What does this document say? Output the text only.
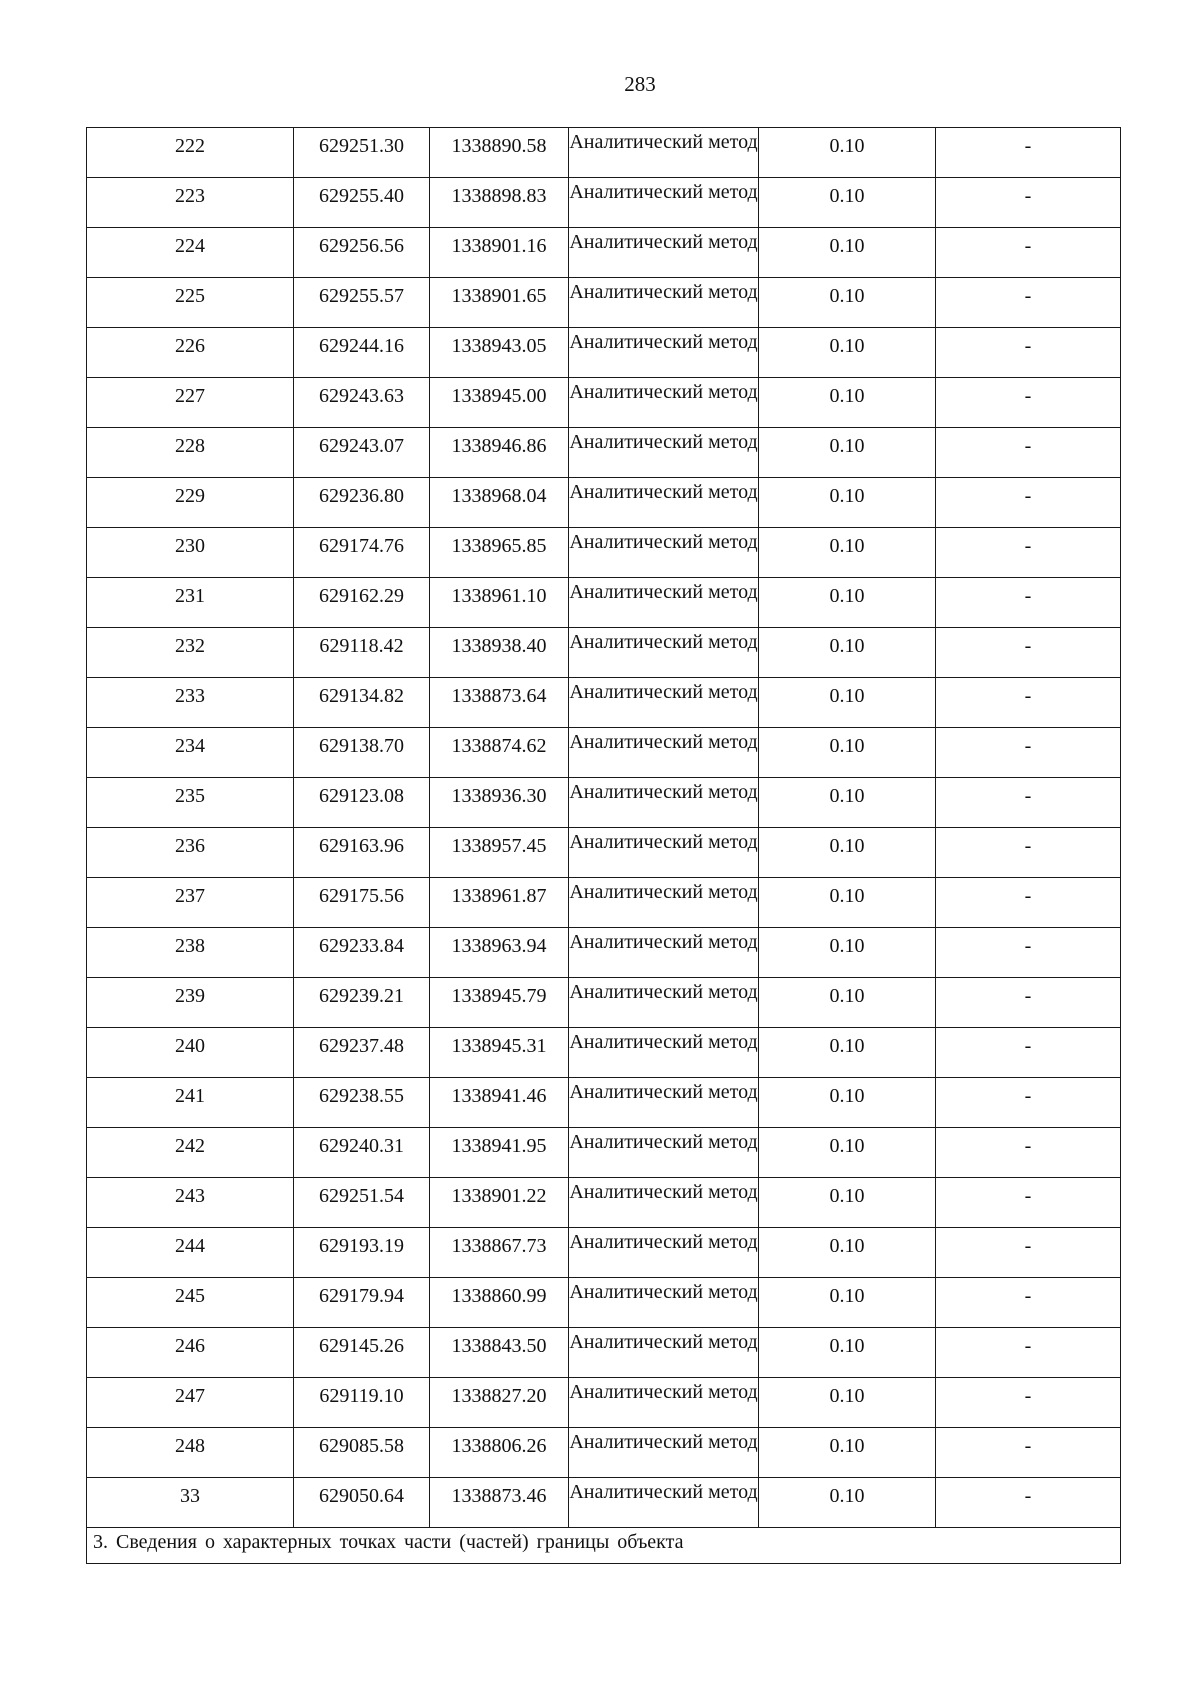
283
222	629251.30	1338890.58	Аналитический метод	0.10	-
223	629255.40	1338898.83	Аналитический метод	0.10	-
224	629256.56	1338901.16	Аналитический метод	0.10	-
225	629255.57	1338901.65	Аналитический метод	0.10	-
226	629244.16	1338943.05	Аналитический метод	0.10	-
227	629243.63	1338945.00	Аналитический метод	0.10	-
228	629243.07	1338946.86	Аналитический метод	0.10	-
229	629236.80	1338968.04	Аналитический метод	0.10	-
230	629174.76	1338965.85	Аналитический метод	0.10	-
231	629162.29	1338961.10	Аналитический метод	0.10	-
232	629118.42	1338938.40	Аналитический метод	0.10	-
233	629134.82	1338873.64	Аналитический метод	0.10	-
234	629138.70	1338874.62	Аналитический метод	0.10	-
235	629123.08	1338936.30	Аналитический метод	0.10	-
236	629163.96	1338957.45	Аналитический метод	0.10	-
237	629175.56	1338961.87	Аналитический метод	0.10	-
238	629233.84	1338963.94	Аналитический метод	0.10	-
239	629239.21	1338945.79	Аналитический метод	0.10	-
240	629237.48	1338945.31	Аналитический метод	0.10	-
241	629238.55	1338941.46	Аналитический метод	0.10	-
242	629240.31	1338941.95	Аналитический метод	0.10	-
243	629251.54	1338901.22	Аналитический метод	0.10	-
244	629193.19	1338867.73	Аналитический метод	0.10	-
245	629179.94	1338860.99	Аналитический метод	0.10	-
246	629145.26	1338843.50	Аналитический метод	0.10	-
247	629119.10	1338827.20	Аналитический метод	0.10	-
248	629085.58	1338806.26	Аналитический метод	0.10	-
33	629050.64	1338873.46	Аналитический метод	0.10	-
3. Сведения о характерных точках части (частей) границы объекта					
